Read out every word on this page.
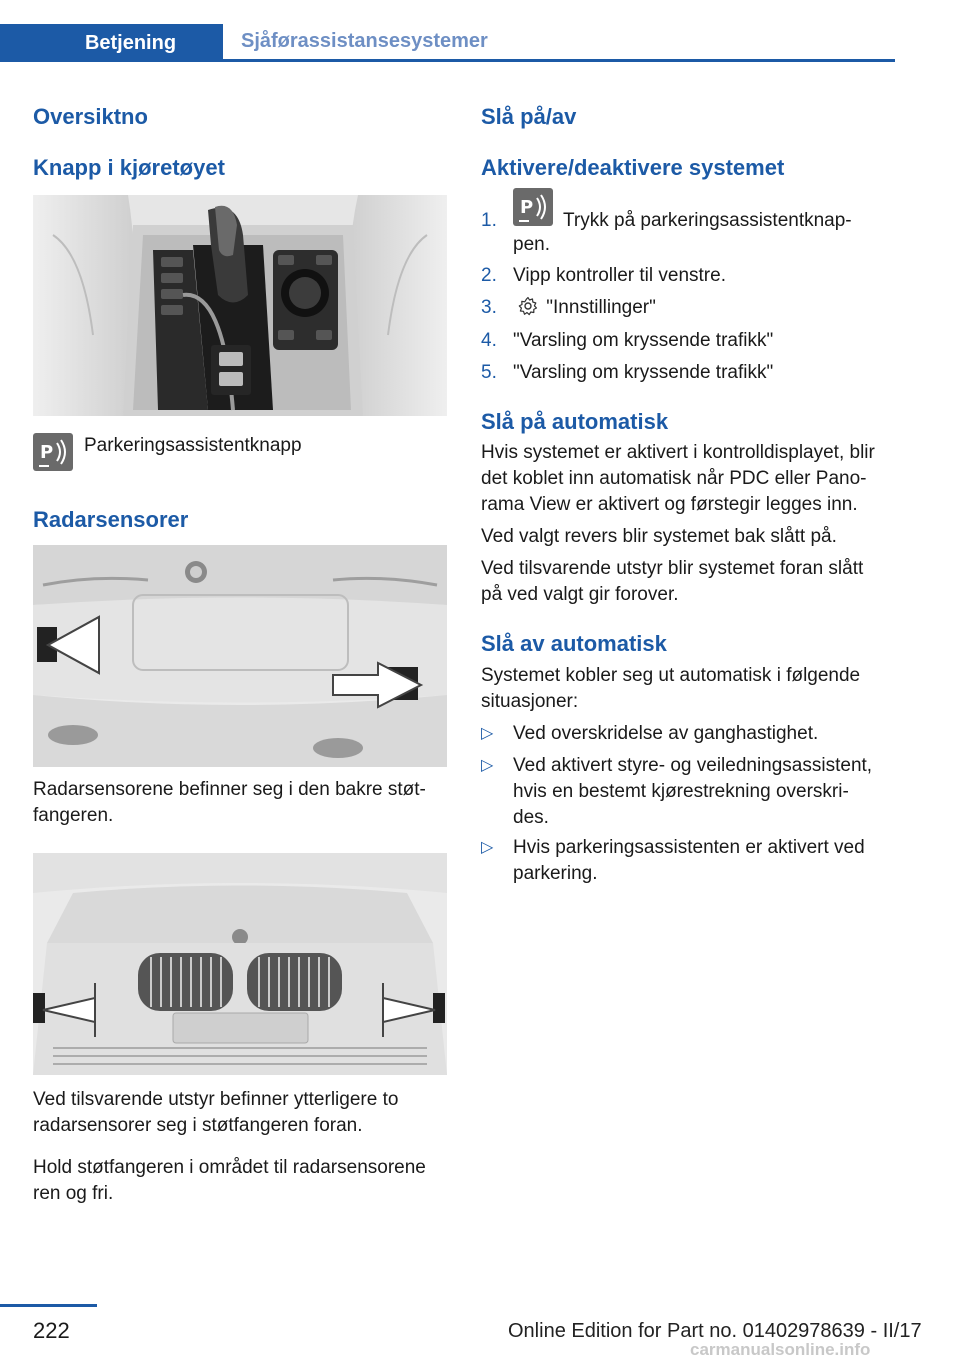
Betjening	Sjåførassistansesystemer
Oversiktno
Knapp i kjøretøyet
P Parkeringsassistentknapp
Radarsensorer
Radarsensorene befinner seg i den bakre støt‐
fangeren.
Ved tilsvarende utstyr befinner ytterligere to
radarsensorer seg i støtfangeren foran.
Hold støtfangeren i området til radarsensorene
ren og fri.
Slå på/av
Aktivere/deaktivere systemet
1.
P
Trykk på parkeringsassistentknap‐
pen.
2. Vipp kontroller til venstre.
3.	"Innstillinger"
4. "Varsling om kryssende trafikk"
5. "Varsling om kryssende trafikk"
Slå på automatisk
Hvis systemet er aktivert i kontrolldisplayet, blir
det koblet inn automatisk når PDC eller Pano‐
rama View er aktivert og førstegir legges inn.
Ved valgt revers blir systemet bak slått på.
Ved tilsvarende utstyr blir systemet foran slått
på ved valgt gir forover.
Slå av automatisk
Systemet kobler seg ut automatisk i følgende
situasjoner:
▷ Ved overskridelse av ganghastighet.
▷ Ved aktivert styre- og veiledningsassistent,
hvis en bestemt kjørestrekning overskri‐
des.
▷ Hvis parkeringsassistenten er aktivert ved
parkering.
222	Online Edition for Part no. 01402978639 - II/17
carmanualsonline.info
